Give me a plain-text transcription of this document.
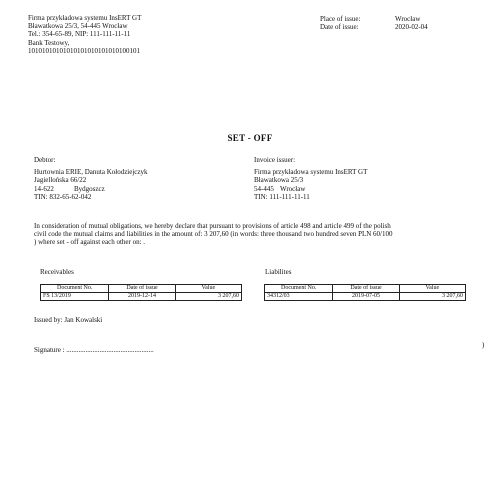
Firma przykładowa systemu InsERT GT
Bławatkowa 25/3, 54-445 Wrocław
Tel.: 354-65-89, NIP: 111-111-11-11
Bank Testowy,
10101010101010101010101010100101
Place of issue:	Wrocław
Date of issue:	2020-02-04
SET - OFF
Debtor:
Hurtownia ERIE, Danuta Kołodziejczyk
Jagiellońska 66/22
14-622	Bydgoszcz
TIN: 832-65-62-042
Invoice issuer:
Firma przykładowa systemu InsERT GT
Bławatkowa 25/3
54-445 Wrocław
TIN: 111-111-11-11
In consideration of mutual obligations, we hereby declare that pursuant to provisions of article 498 and article 499 of the polish
civil code the mutual claims and liabilities in the amount of: 3 207,60 (in words: three thousand two hundred seven PLN 60/100
) where set - off against each other on: .
Receivables
Document No.	Date of issue	Value
FS 13/2019	2019-12-14	3 207,60
Liabilites
Document No.	Date of issue	Value
34312/03	2019-07-05	3 207,60
Issued by: Jan Kowalski
Signature : ..................................................
)
